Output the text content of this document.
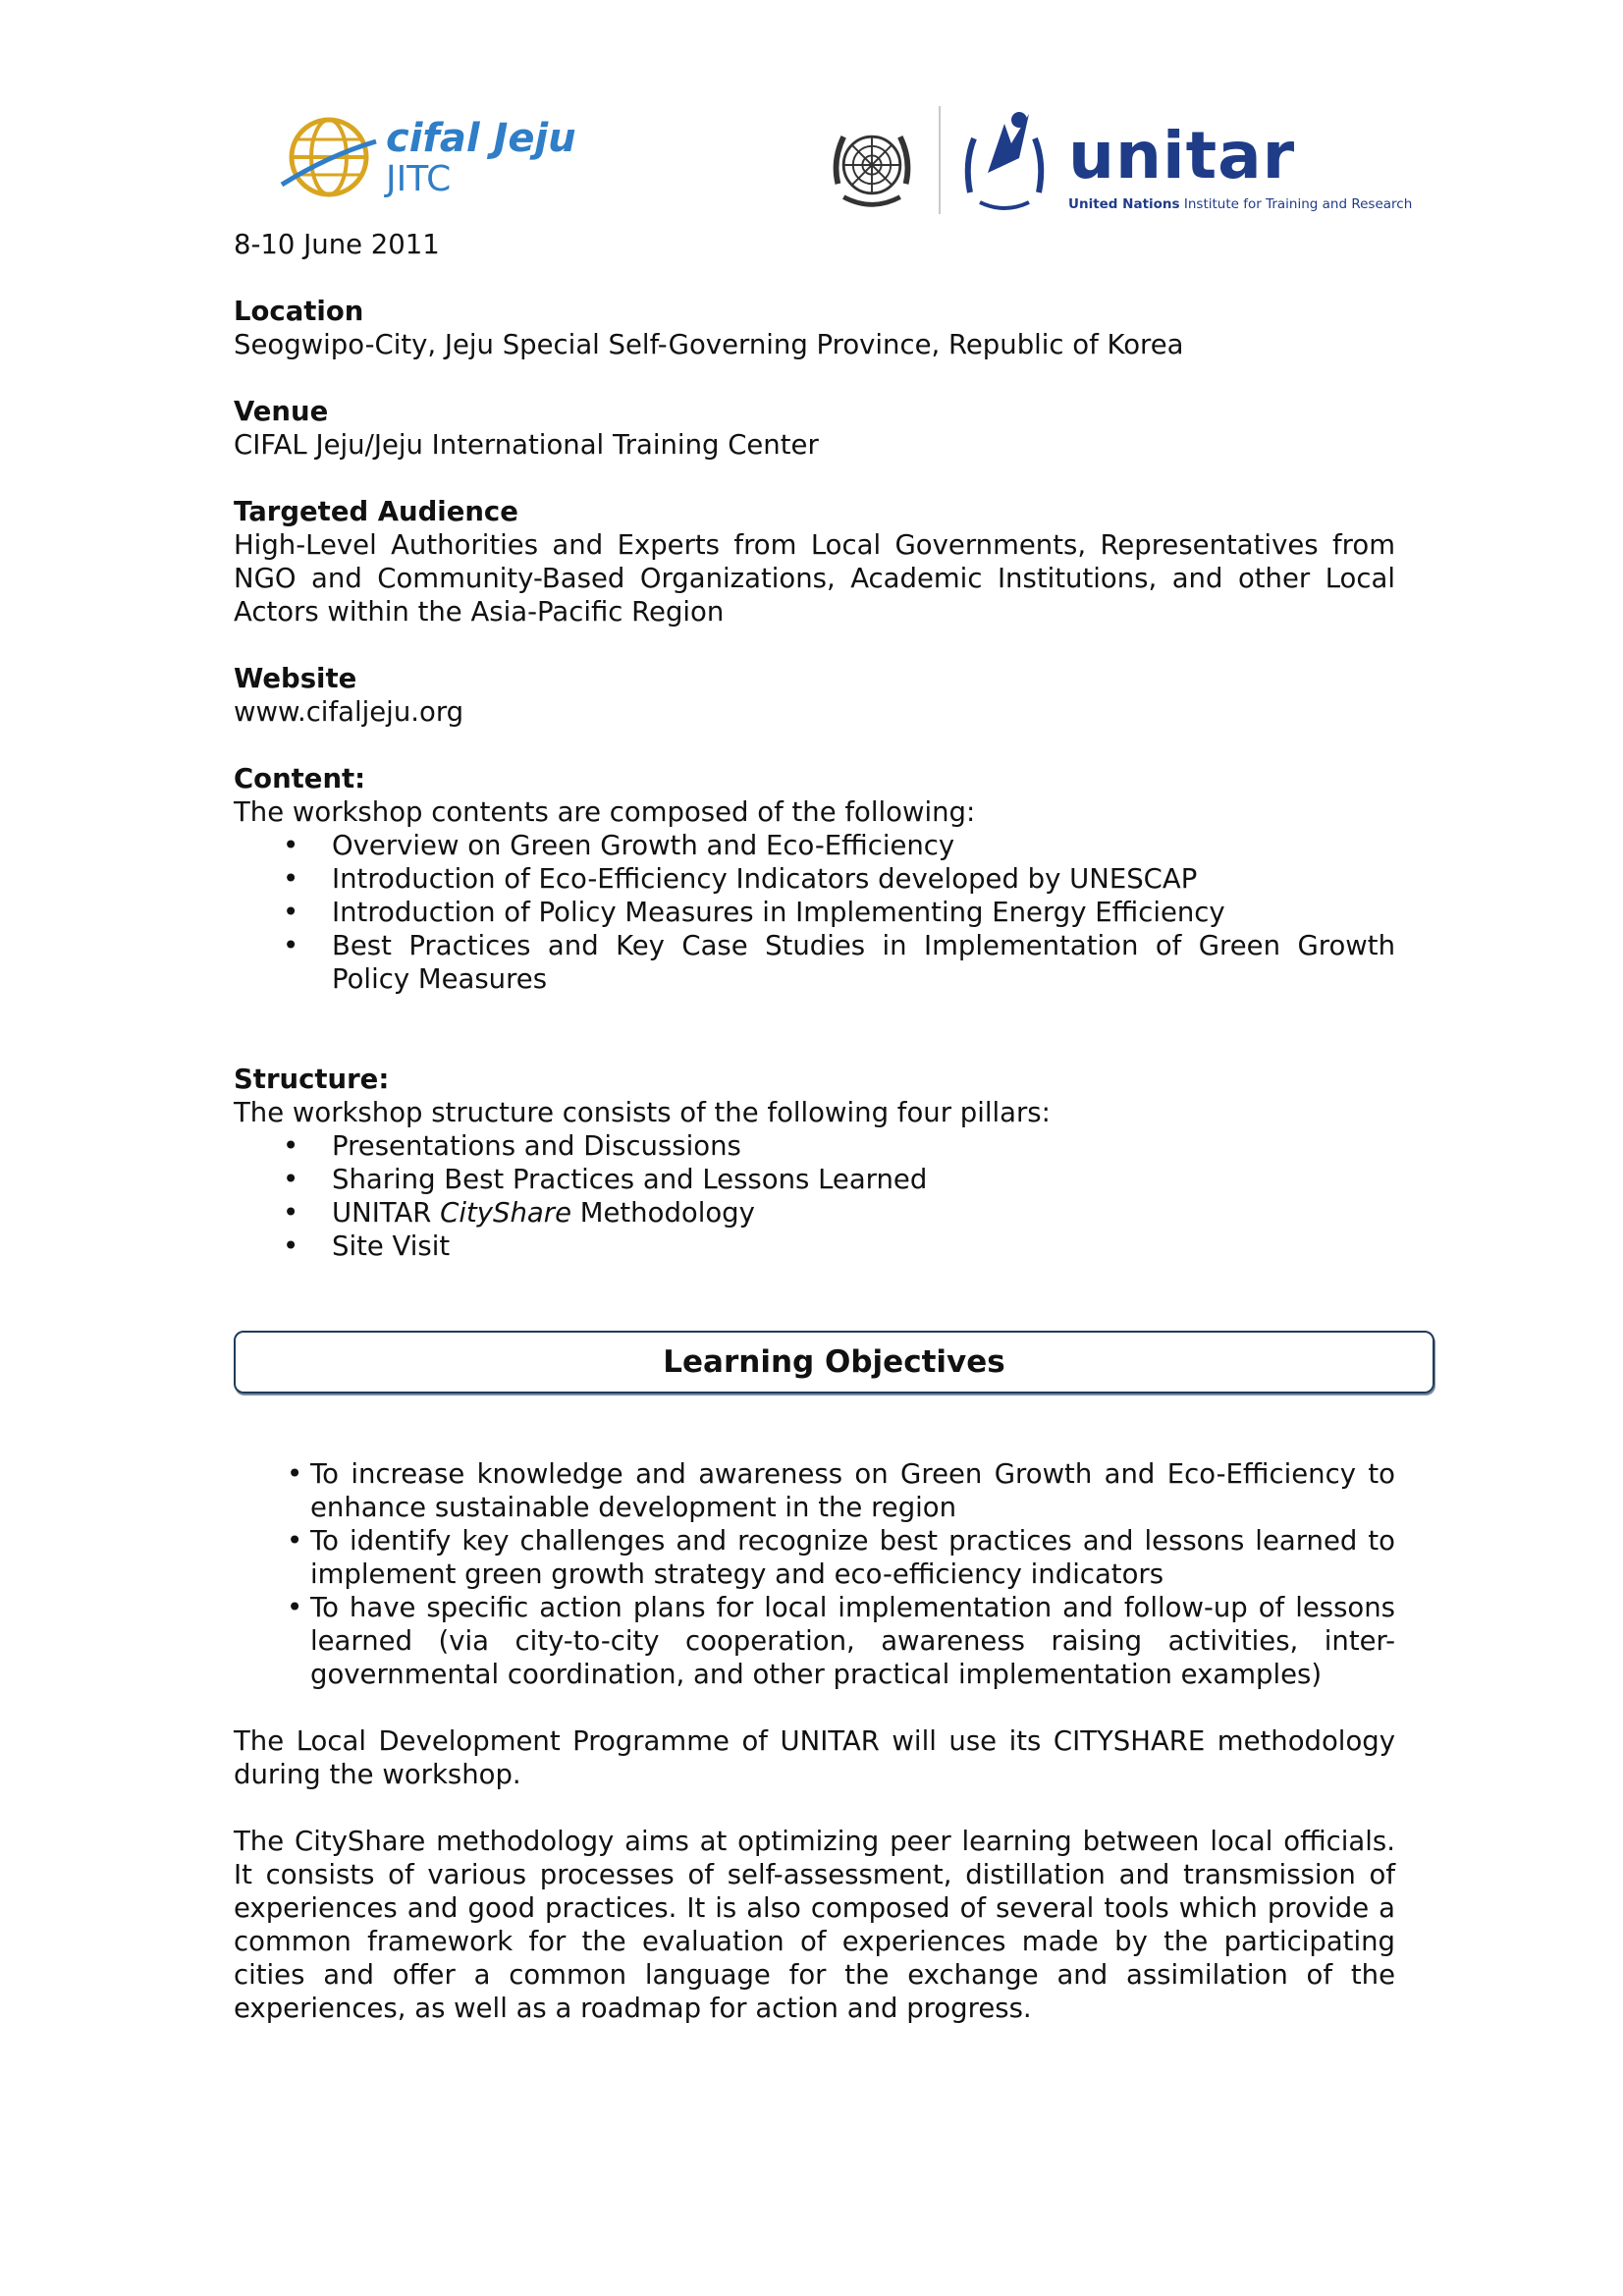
cifal Jeju
JITC	unitar
United Nations Institute for Training and Research

8-10 June 2011

Location

Seogwipo-City, Jeju Special Self-Governing Province, Republic of Korea

Venue

CIFAL Jeju/Jeju International Training Center

Targeted Audience

High-Level Authorities and Experts from Local Governments, Representatives from NGO and Community-Based Organizations, Academic Institutions, and other Local Actors within the Asia-Pacific Region

Website

www.cifaljeju.org

Content:

The workshop contents are composed of the following:

• Overview on Green Growth and Eco-Efficiency
• Introduction of Eco-Efficiency Indicators developed by UNESCAP
• Introduction of Policy Measures in Implementing Energy Efficiency
• Best Practices and Key Case Studies in Implementation of Green Growth Policy Measures

Structure:

The workshop structure consists of the following four pillars:

• Presentations and Discussions
• Sharing Best Practices and Lessons Learned
• UNITAR CityShare Methodology
• Site Visit
Learning Objectives
• To increase knowledge and awareness on Green Growth and Eco-Efficiency to enhance sustainable development in the region
• To identify key challenges and recognize best practices and lessons learned to implement green growth strategy and eco-efficiency indicators
• To have specific action plans for local implementation and follow-up of lessons learned (via city-to-city cooperation, awareness raising activities, inter-governmental coordination, and other practical implementation examples)

The Local Development Programme of UNITAR will use its CITYSHARE methodology during the workshop.

The CityShare methodology aims at optimizing peer learning between local officials. It consists of various processes of self-assessment, distillation and transmission of experiences and good practices. It is also composed of several tools which provide a common framework for the evaluation of experiences made by the participating cities and offer a common language for the exchange and assimilation of the experiences, as well as a roadmap for action and progress.
